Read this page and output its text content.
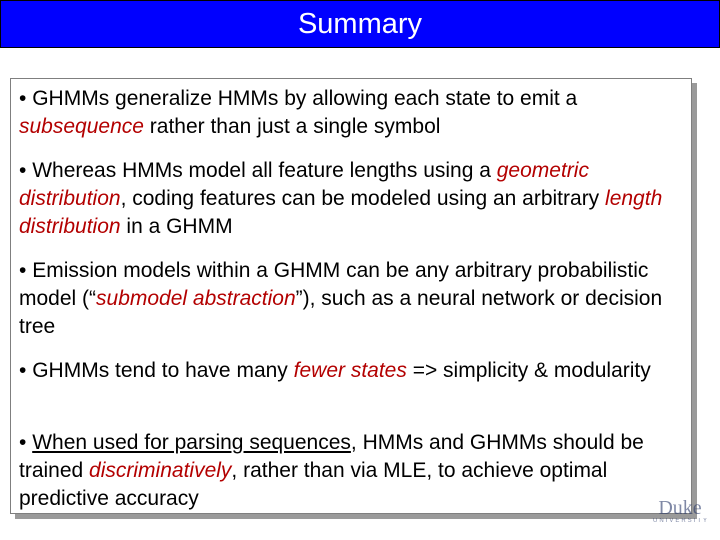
Summary

• GHMMs generalize HMMs by allowing each state to emit a subsequence rather than just a single symbol

• Whereas HMMs model all feature lengths using a geometric distribution, coding features can be modeled using an arbitrary length distribution in a GHMM

• Emission models within a GHMM can be any arbitrary probabilistic model (“submodel abstraction”), such as a neural network or decision tree

• GHMMs tend to have many fewer states => simplicity & modularity

• When used for parsing sequences, HMMs and GHMMs should be trained discriminatively, rather than via MLE, to achieve optimal predictive accuracy	Duke
UNIVERSITY
